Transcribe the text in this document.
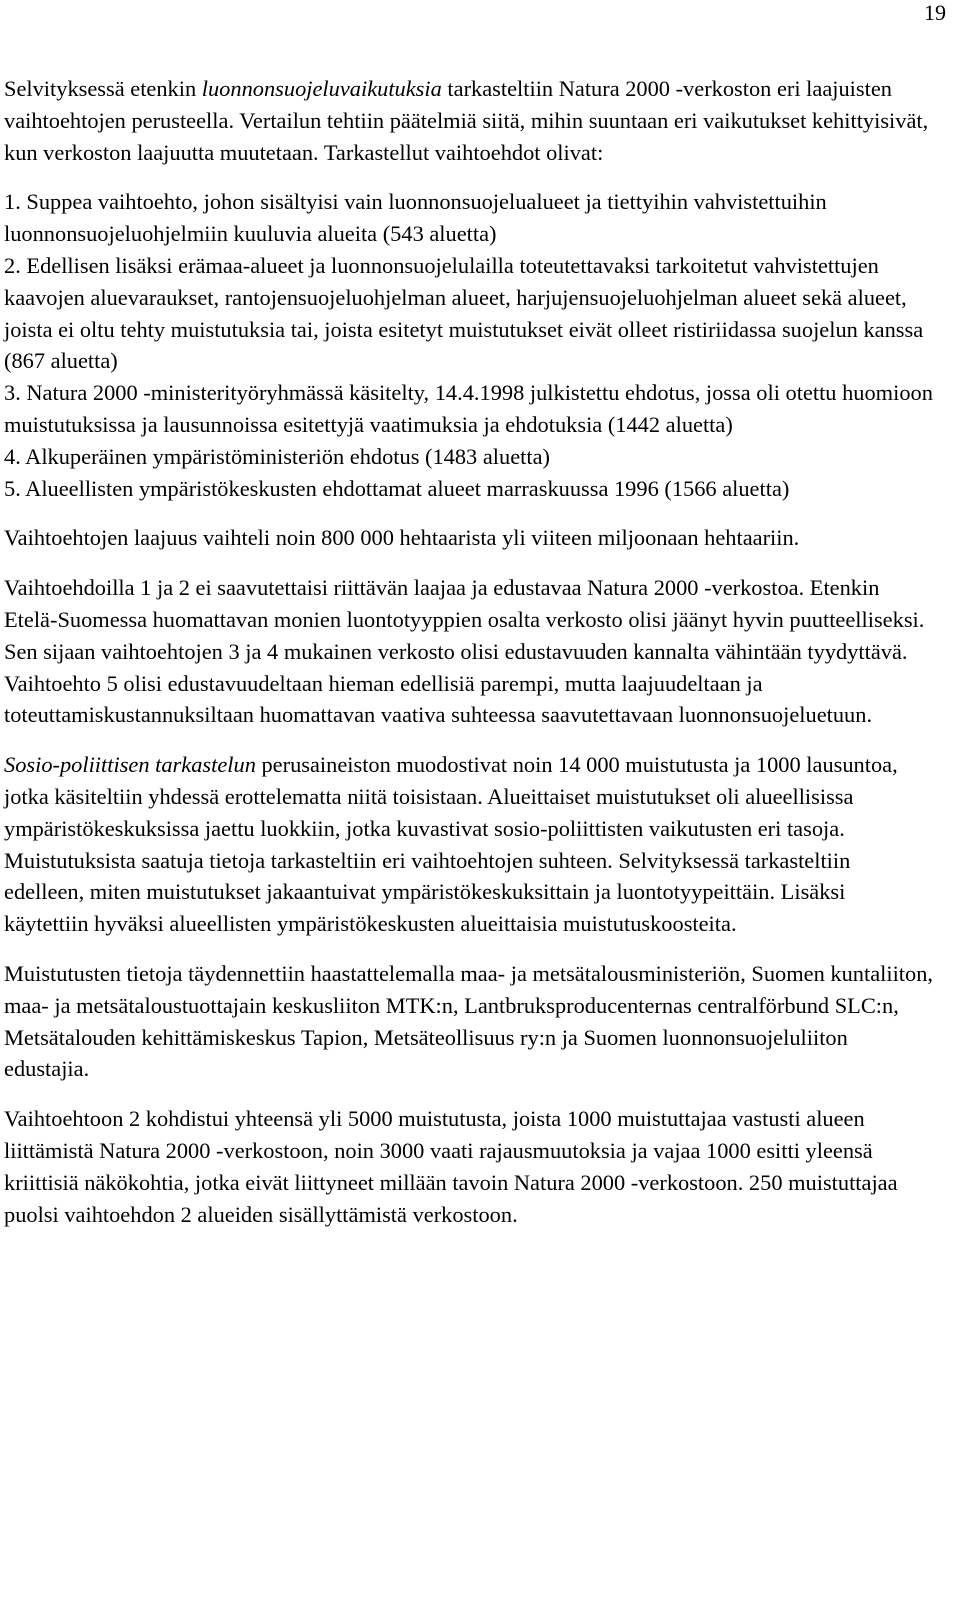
19

Selvityksessä etenkin luonnonsuojeluvaikutuksia tarkasteltiin Natura 2000 -verkoston eri laajuisten vaihtoehtojen perusteella. Vertailun tehtiin päätelmiä siitä, mihin suuntaan eri vaikutukset kehittyisivät, kun verkoston laajuutta muutetaan. Tarkastellut vaihtoehdot olivat:

1. Suppea vaihtoehto, johon sisältyisi vain luonnonsuojelualueet ja tiettyihin vahvistettuihin luonnonsuojeluohjelmiin kuuluvia alueita (543 aluetta)

2. Edellisen lisäksi erämaa-alueet ja luonnonsuojelulailla toteutettavaksi tarkoitetut vahvistettujen kaavojen aluevaraukset, rantojensuojeluohjelman alueet, harjujensuojeluohjelman alueet sekä alueet, joista ei oltu tehty muistutuksia tai, joista esitetyt muistutukset eivät olleet ristiriidassa suojelun kanssa (867 aluetta)

3. Natura 2000 -ministerityöryhmässä käsitelty, 14.4.1998 julkistettu ehdotus, jossa oli otettu huomioon muistutuksissa ja lausunnoissa esitettyjä vaatimuksia ja ehdotuksia (1442 aluetta)

4. Alkuperäinen ympäristöministeriön ehdotus (1483 aluetta)

5. Alueellisten ympäristökeskusten ehdottamat alueet marraskuussa 1996 (1566 aluetta)

Vaihtoehtojen laajuus vaihteli noin 800 000 hehtaarista yli viiteen miljoonaan hehtaariin.

Vaihtoehdoilla 1 ja 2 ei saavutettaisi riittävän laajaa ja edustavaa Natura 2000 -verkostoa. Etenkin Etelä-Suomessa huomattavan monien luontotyyppien osalta verkosto olisi jäänyt hyvin puutteelliseksi. Sen sijaan vaihtoehtojen 3 ja 4 mukainen verkosto olisi edustavuuden kannalta vähintään tyydyttävä. Vaihtoehto 5 olisi edustavuudeltaan hieman edellisiä parempi, mutta laajuudeltaan ja toteuttamiskustannuksiltaan huomattavan vaativa suhteessa saavutettavaan luonnonsuojeluetuun.

Sosio-poliittisen tarkastelun perusaineiston muodostivat noin 14 000 muistutusta ja 1000 lausuntoa, jotka käsiteltiin yhdessä erottelematta niitä toisistaan. Alueittaiset muistutukset oli alueellisissa ympäristökeskuksissa jaettu luokkiin, jotka kuvastivat sosio-poliittisten vaikutusten eri tasoja. Muistutuksista saatuja tietoja tarkasteltiin eri vaihtoehtojen suhteen. Selvityksessä tarkasteltiin edelleen, miten muistutukset jakaantuivat ympäristökeskuksittain ja luontotyypeittäin. Lisäksi käytettiin hyväksi alueellisten ympäristökeskusten alueittaisia muistutuskoosteita.

Muistutusten tietoja täydennettiin haastattelemalla maa- ja metsätalousministeriön, Suomen kuntaliiton, maa- ja metsätaloustuottajain keskusliiton MTK:n, Lantbruksproducenternas centralförbund SLC:n, Metsätalouden kehittämiskeskus Tapion, Metsäteollisuus ry:n ja Suomen luonnonsuojeluliiton edustajia.

Vaihtoehtoon 2 kohdistui yhteensä yli 5000 muistutusta, joista 1000 muistuttajaa vastusti alueen liittämistä Natura 2000 -verkostoon, noin 3000 vaati rajausmuutoksia ja vajaa 1000 esitti yleensä kriittisiä näkökohtia, jotka eivät liittyneet millään tavoin Natura 2000 -verkostoon. 250 muistuttajaa puolsi vaihtoehdon 2 alueiden sisällyttämistä verkostoon.
